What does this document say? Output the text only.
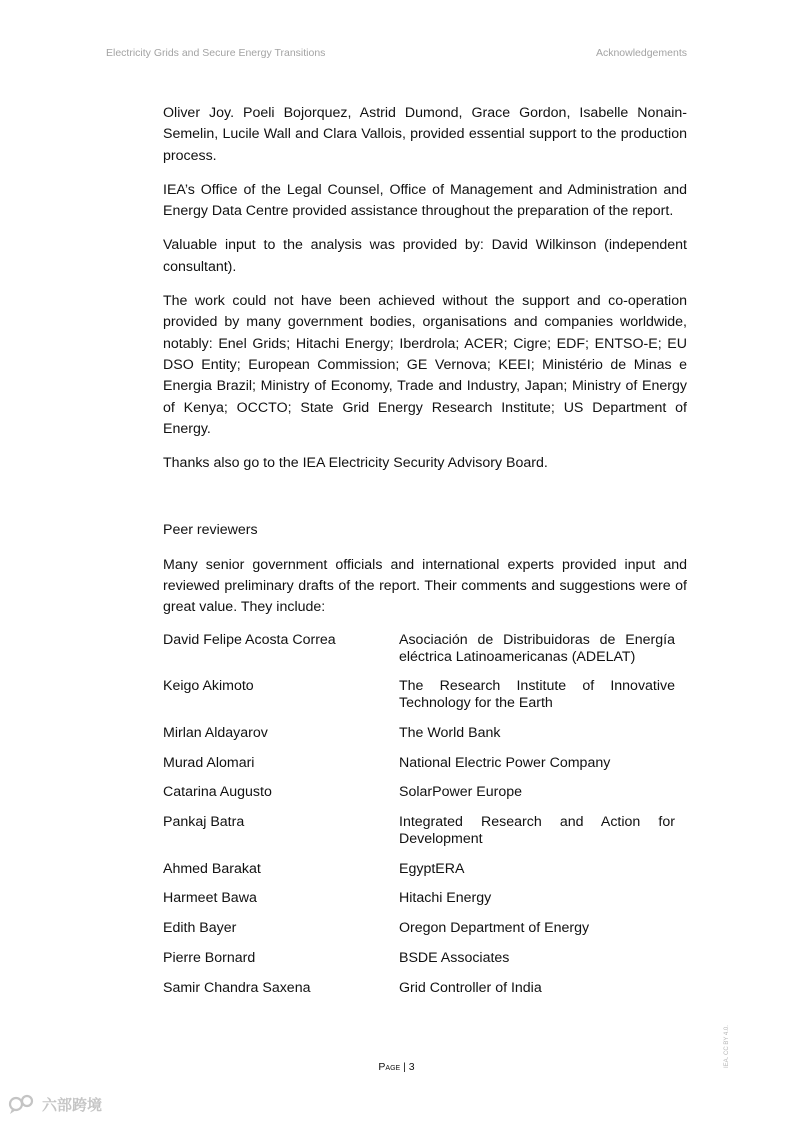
Electricity Grids and Secure Energy Transitions	Acknowledgements

Oliver Joy. Poeli Bojorquez, Astrid Dumond, Grace Gordon, Isabelle Nonain-Semelin, Lucile Wall and Clara Vallois, provided essential support to the production process.

IEA’s Office of the Legal Counsel, Office of Management and Administration and Energy Data Centre provided assistance throughout the preparation of the report.

Valuable input to the analysis was provided by: David Wilkinson (independent consultant).

The work could not have been achieved without the support and co-operation provided by many government bodies, organisations and companies worldwide, notably: Enel Grids; Hitachi Energy; Iberdrola; ACER; Cigre; EDF; ENTSO-E; EU DSO Entity; European Commission; GE Vernova; KEEI; Ministério de Minas e Energia Brazil; Ministry of Economy, Trade and Industry, Japan; Ministry of Energy of Kenya; OCCTO; State Grid Energy Research Institute; US Department of Energy.

Thanks also go to the IEA Electricity Security Advisory Board.

Peer reviewers

Many senior government officials and international experts provided input and reviewed preliminary drafts of the report. Their comments and suggestions were of great value. They include:

David Felipe Acosta Correa	Asociación de Distribuidoras de Energía eléctrica Latinoamericanas (ADELAT)
Keigo Akimoto	The Research Institute of Innovative Technology for the Earth
Mirlan Aldayarov	The World Bank
Murad Alomari	National Electric Power Company
Catarina Augusto	SolarPower Europe
Pankaj Batra	Integrated Research and Action for Development
Ahmed Barakat	EgyptERA
Harmeet Bawa	Hitachi Energy
Edith Bayer	Oregon Department of Energy
Pierre Bornard	BSDE Associates
Samir Chandra Saxena	Grid Controller of India
Page | 3	IEA. CC BY 4.0.
六部跨境
